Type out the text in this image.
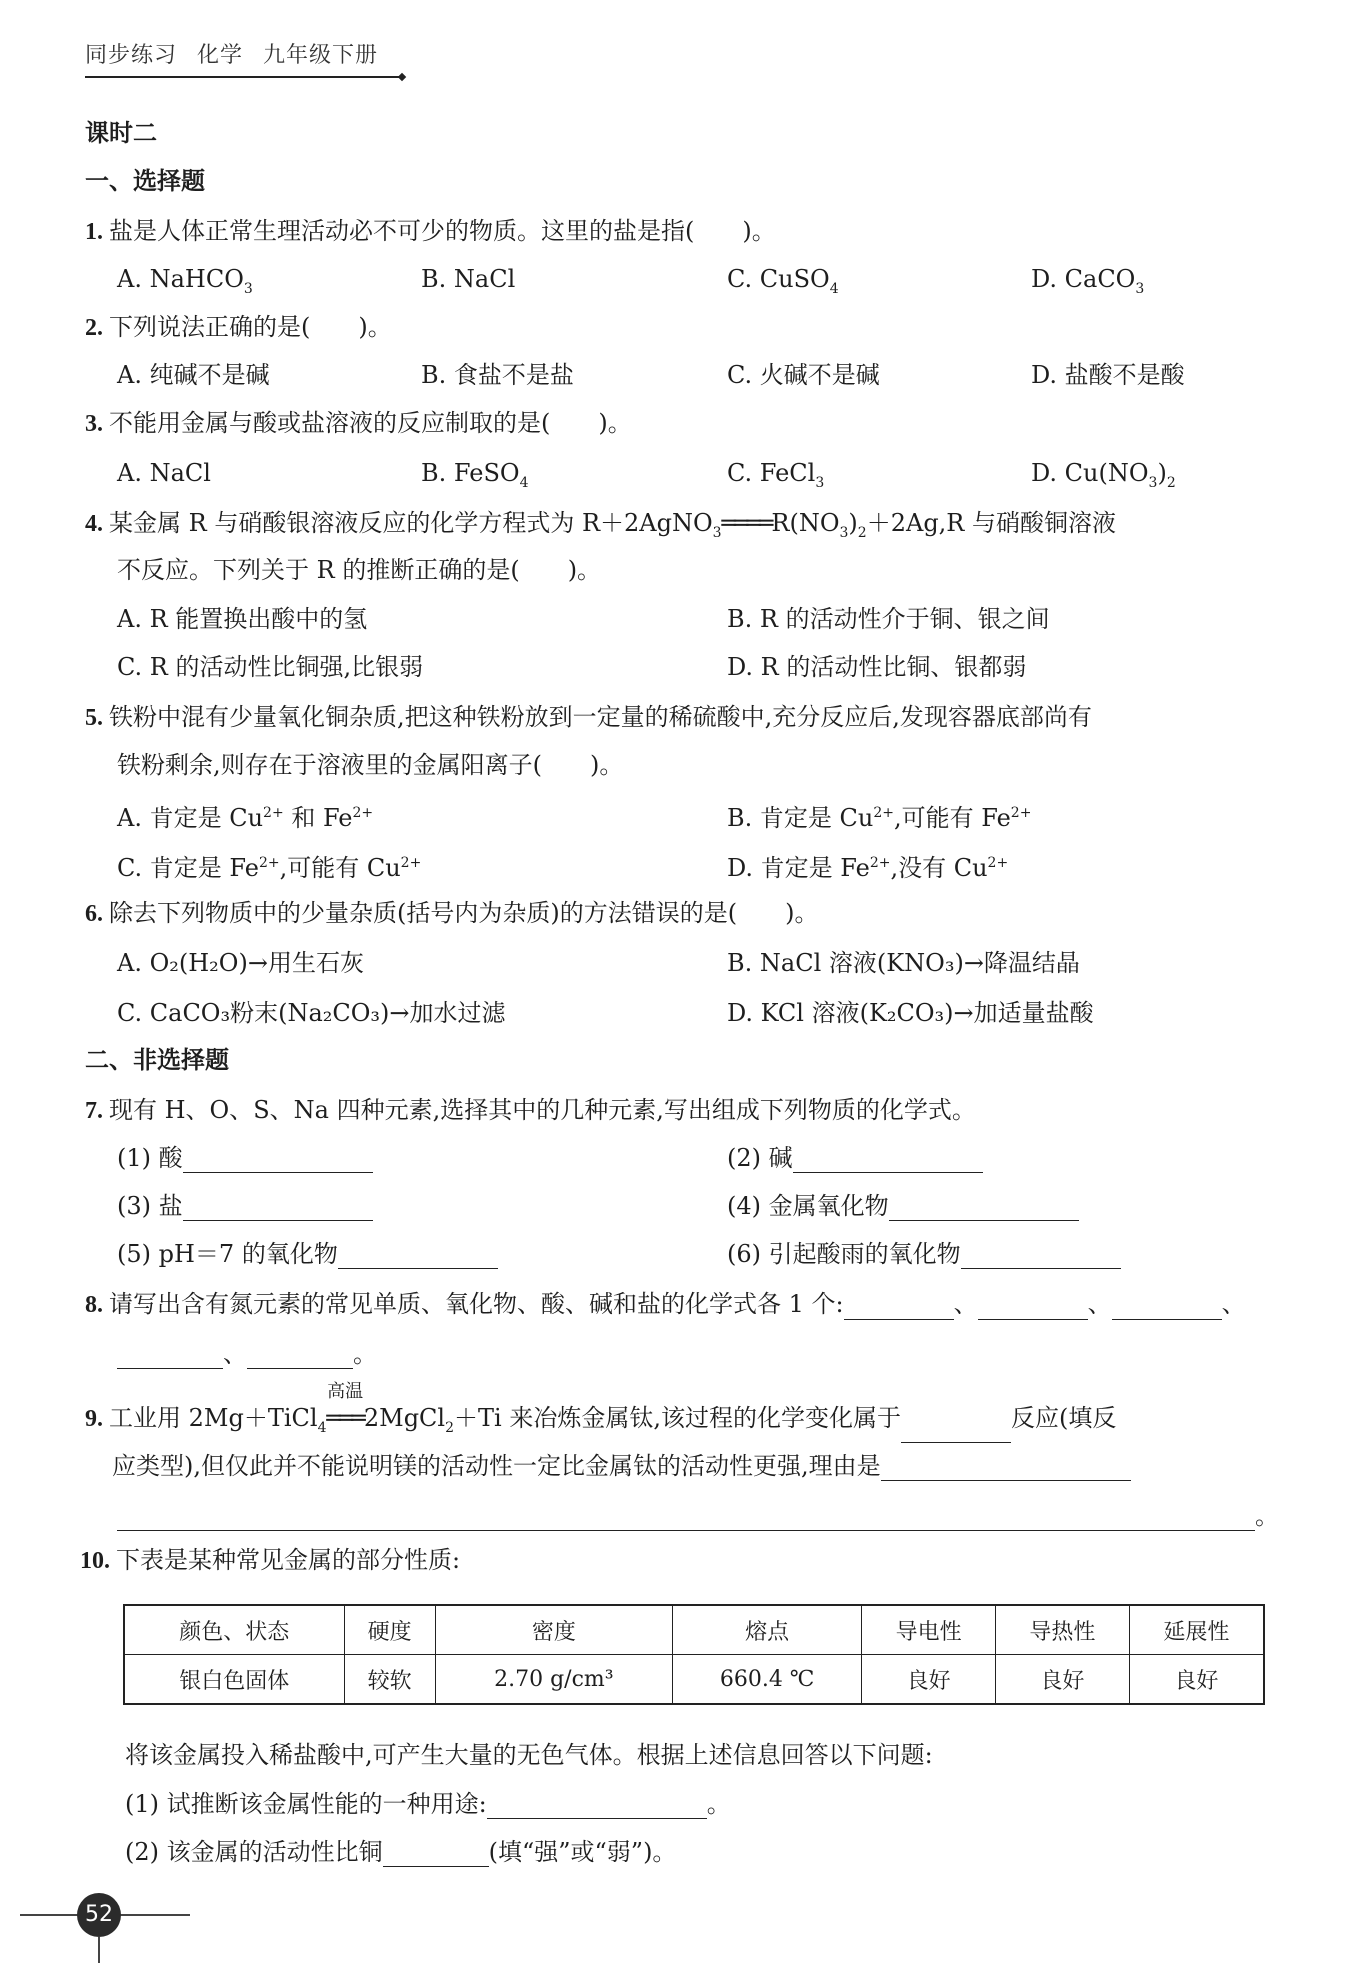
同步练习 化学 九年级下册
课时二
一、选择题
1. 盐是人体正常生理活动必不可少的物质。这里的盐是指(　　)。
A. NaHCO$_3$	B. NaCl	C. CuSO$_4$	D. CaCO$_3$
2. 下列说法正确的是(　　)。
A. 纯碱不是碱	B. 食盐不是盐	C. 火碱不是碱	D. 盐酸不是酸
3. 不能用金属与酸或盐溶液的反应制取的是(　　)。
A. NaCl	B. FeSO$_4$	C. FeCl$_3$	D. $Cu(NO_3)_2$
4. 某金属 R 与硝酸银溶液反应的化学方程式为 $R+2AgNO_3════R(NO_3)_2+2Ag,R$ 与硝酸铜溶液
不反应。下列关于 R 的推断正确的是(　　)。
A. R 能置换出酸中的氢	B. R 的活动性介于铜、银之间
C. R 的活动性比铜强,比银弱	D. R 的活动性比铜、银都弱
5. 铁粉中混有少量氧化铜杂质,把这种铁粉放到一定量的稀硫酸中,充分反应后,发现容器底部尚有
铁粉剩余,则存在于溶液里的金属阳离子(　　)。
A. 肯定是 $Cu^{2+}$ 和 $Fe^{2+}$	B. 肯定是 $Cu^{2+}$,可能有 $Fe^{2+}$
C. 肯定是 $Fe^{2+}$,可能有 $Cu^{2+}$	D. 肯定是 $Fe^{2+}$,没有 $Cu^{2+}$
6. 除去下列物质中的少量杂质(括号内为杂质)的方法错误的是(　　)。
A. O₂(H₂O)→用生石灰	B. NaCl 溶液(KNO₃)→降温结晶
C. CaCO₃粉末(Na₂CO₃)→加水过滤	D. KCl 溶液(K₂CO₃)→加适量盐酸
二、非选择题
7. 现有 H、O、S、Na 四种元素,选择其中的几种元素,写出组成下列物质的化学式。
(1) 酸	(2) 碱
(3) 盐	(4) 金属氧化物
(5) pH＝7 的氧化物	(6) 引起酸雨的氧化物
8. 请写出含有氮元素的常见单质、氧化物、酸、碱和盐的化学式各 1 个:	、	、	、
、	。
9. 工业用 2Mg＋TiCl$_4$
高温
═══2MgCl$_2$＋Ti 来冶炼金属钛,该过程的化学变化属于	反应(填反
应类型),但仅此并不能说明镁的活动性一定比金属钛的活动性更强,理由是
。
10. 下表是某种常见金属的部分性质:
颜色、状态	硬度	密度	熔点	导电性	导热性	延展性
银白色固体	较软	2.70 g/cm³	660.4 ℃	良好	良好	良好
将该金属投入稀盐酸中,可产生大量的无色气体。根据上述信息回答以下问题:
(1) 试推断该金属性能的一种用途:	。
(2) 该金属的活动性比铜	(填“强”或“弱”)。
52
